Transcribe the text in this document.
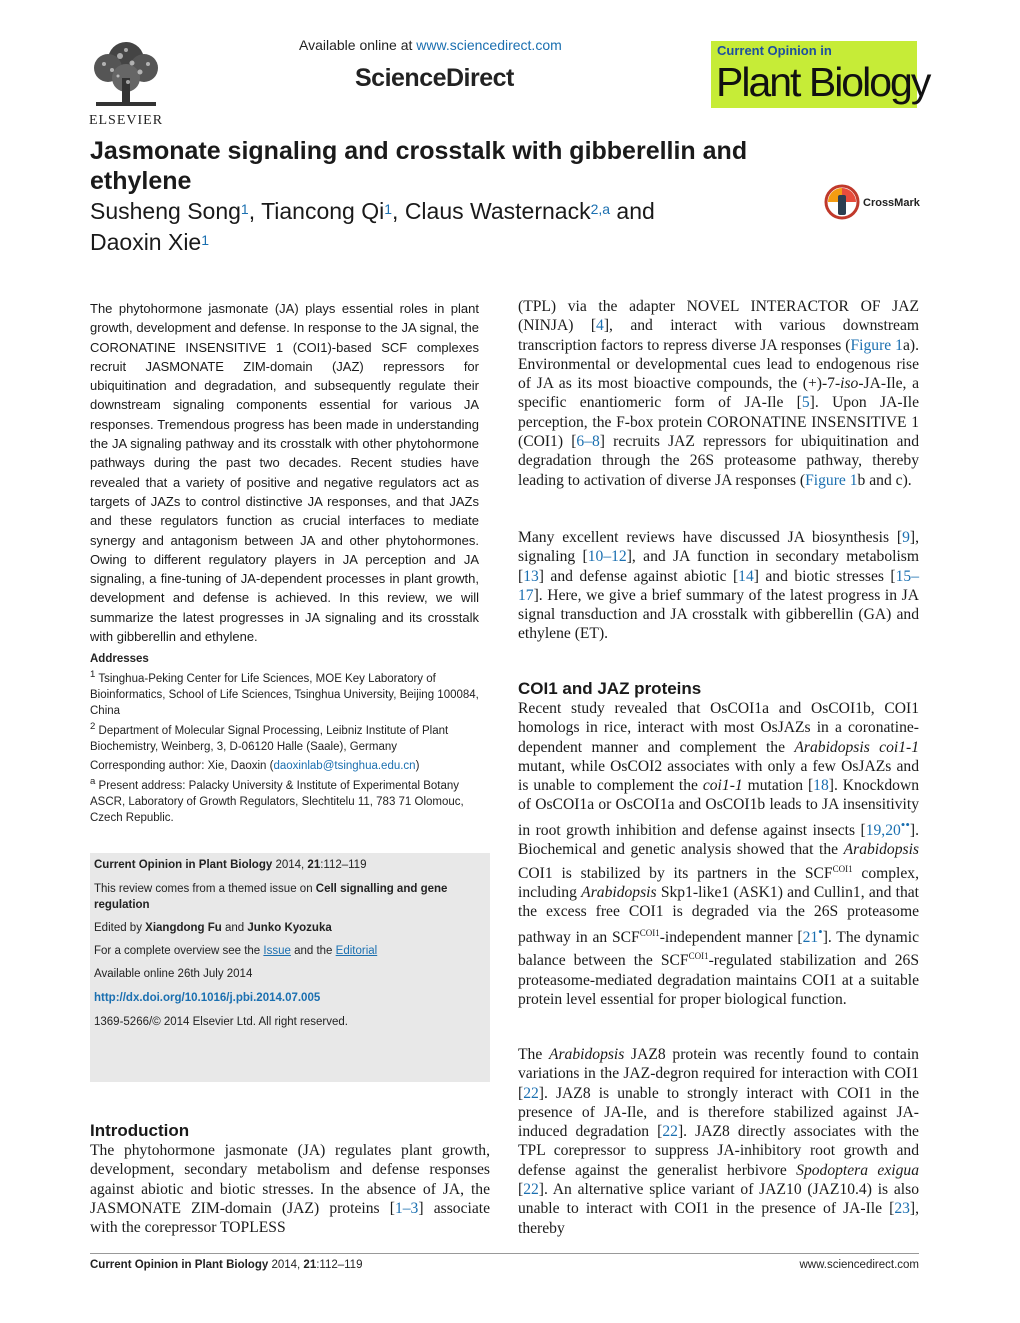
Available online at www.sciencedirect.com
ScienceDirect
ELSEVIER
Current Opinion in
Plant Biology
Jasmonate signaling and crosstalk with gibberellin and ethylene
Susheng Song$^1$, Tiancong Qi$^1$, Claus Wasternack$^{2,a}$ and
Daoxin Xie$^1$
CrossMark
The phytohormone jasmonate (JA) plays essential roles in plant growth, development and defense. In response to the JA signal, the CORONATINE INSENSITIVE 1 (COI1)-based SCF complexes recruit JASMONATE ZIM-domain (JAZ) repressors for ubiquitination and degradation, and subsequently regulate their downstream signaling components essential for various JA responses. Tremendous progress has been made in understanding the JA signaling pathway and its crosstalk with other phytohormone pathways during the past two decades. Recent studies have revealed that a variety of positive and negative regulators act as targets of JAZs to control distinctive JA responses, and that JAZs and these regulators function as crucial interfaces to mediate synergy and antagonism between JA and other phytohormones. Owing to different regulatory players in JA perception and JA signaling, a fine-tuning of JA-dependent processes in plant growth, development and defense is achieved. In this review, we will summarize the latest progresses in JA signaling and its crosstalk with gibberellin and ethylene.
Addresses
$^1$ Tsinghua-Peking Center for Life Sciences, MOE Key Laboratory of Bioinformatics, School of Life Sciences, Tsinghua University, Beijing 100084, China
$^2$ Department of Molecular Signal Processing, Leibniz Institute of Plant Biochemistry, Weinberg, 3, D-06120 Halle (Saale), Germany
Corresponding author: Xie, Daoxin (daoxinlab@tsinghua.edu.cn)
$^a$ Present address: Palacky University & Institute of Experimental Botany ASCR, Laboratory of Growth Regulators, Slechtitelu 11, 783 71 Olomouc, Czech Republic.
Current Opinion in Plant Biology 2014, 21:112–119
This review comes from a themed issue on Cell signalling and gene regulation
Edited by Xiangdong Fu and Junko Kyozuka
For a complete overview see the Issue and the Editorial
Available online 26th July 2014
http://dx.doi.org/10.1016/j.pbi.2014.07.005
1369-5266/© 2014 Elsevier Ltd. All right reserved.
Introduction
The phytohormone jasmonate (JA) regulates plant growth, development, secondary metabolism and defense responses against abiotic and biotic stresses. In the absence of JA, the JASMONATE ZIM-domain (JAZ) proteins [1–3] associate with the corepressor TOPLESS
(TPL) via the adapter NOVEL INTERACTOR OF JAZ (NINJA) [4], and interact with various downstream transcription factors to repress diverse JA responses (Figure 1a). Environmental or developmental cues lead to endogenous rise of JA as its most bioactive compounds, the (+)-7-iso-JA-Ile, a specific enantiomeric form of JA-Ile [5]. Upon JA-Ile perception, the F-box protein CORONATINE INSENSITIVE 1 (COI1) [6–8] recruits JAZ repressors for ubiquitination and degradation through the 26S proteasome pathway, thereby leading to activation of diverse JA responses (Figure 1b and c).
Many excellent reviews have discussed JA biosynthesis [9], signaling [10–12], and JA function in secondary metabolism [13] and defense against abiotic [14] and biotic stresses [15–17]. Here, we give a brief summary of the latest progress in JA signal transduction and JA crosstalk with gibberellin (GA) and ethylene (ET).
COI1 and JAZ proteins
Recent study revealed that OsCOI1a and OsCOI1b, COI1 homologs in rice, interact with most OsJAZs in a coronatine-dependent manner and complement the Arabidopsis coi1-1 mutant, while OsCOI2 associates with only a few OsJAZs and is unable to complement the coi1-1 mutation [18]. Knockdown of OsCOI1a or OsCOI1a and OsCOI1b leads to JA insensitivity in root growth inhibition and defense against insects [19,20••]. Biochemical and genetic analysis showed that the Arabidopsis COI1 is stabilized by its partners in the $SCF^{COI1}$ complex, including Arabidopsis Skp1-like1 (ASK1) and Cullin1, and that the excess free COI1 is degraded via the 26S proteasome pathway in an $SCF^{COI1}$-independent manner [21•]. The dynamic balance between the $SCF^{COI1}$-regulated stabilization and 26S proteasome-mediated degradation maintains COI1 at a suitable protein level essential for proper biological function.
The Arabidopsis JAZ8 protein was recently found to contain variations in the JAZ-degron required for interaction with COI1 [22]. JAZ8 is unable to strongly interact with COI1 in the presence of JA-Ile, and is therefore stabilized against JA-induced degradation [22]. JAZ8 directly associates with the TPL corepressor to suppress JA-inhibitory root growth and defense against the generalist herbivore Spodoptera exigua [22]. An alternative splice variant of JAZ10 (JAZ10.4) is also unable to interact with COI1 in the presence of JA-Ile [23], thereby
Current Opinion in Plant Biology 2014, 21:112–119	www.sciencedirect.com
